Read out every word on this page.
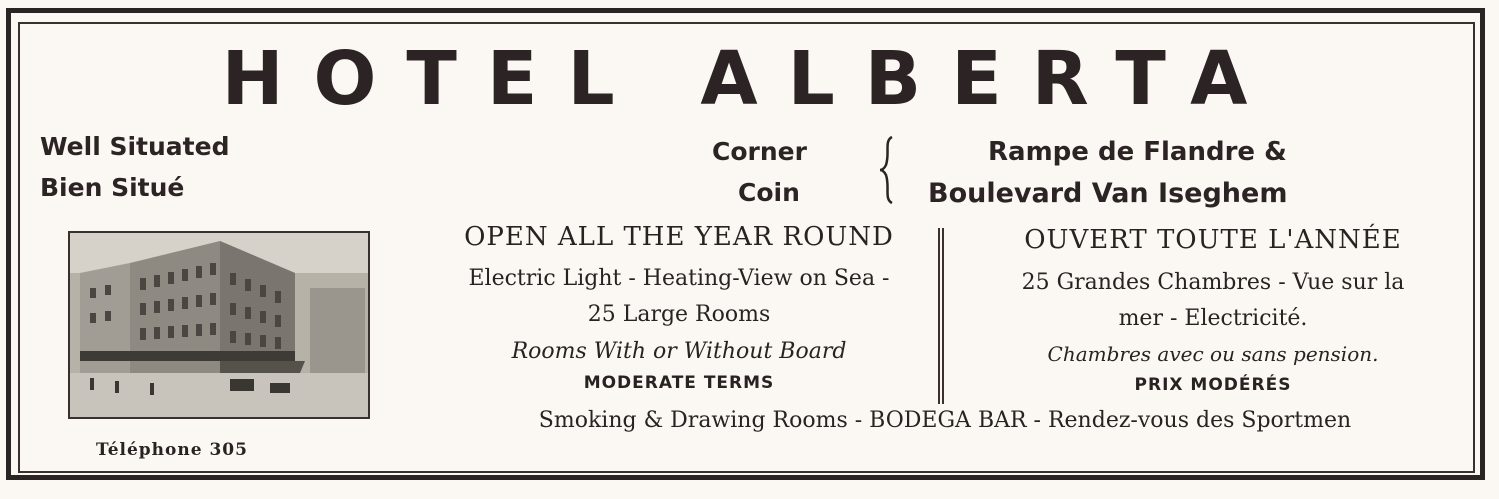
HOTEL ALBERTA
Well Situated
Bien Situé
Corner
Coin
Rampe de Flandre &
Boulevard Van Iseghem
OPEN ALL THE YEAR ROUND
Electric Light - Heating-View on Sea -
25 Large Rooms
Rooms With or Without Board
MODERATE TERMS
OUVERT TOUTE L'ANNÉE
25 Grandes Chambres - Vue sur la
mer - Electricité.
Chambres avec ou sans pension.
PRIX MODÉRÉS
Smoking & Drawing Rooms - BODEGA BAR - Rendez-vous des Sportmen
Téléphone 305
